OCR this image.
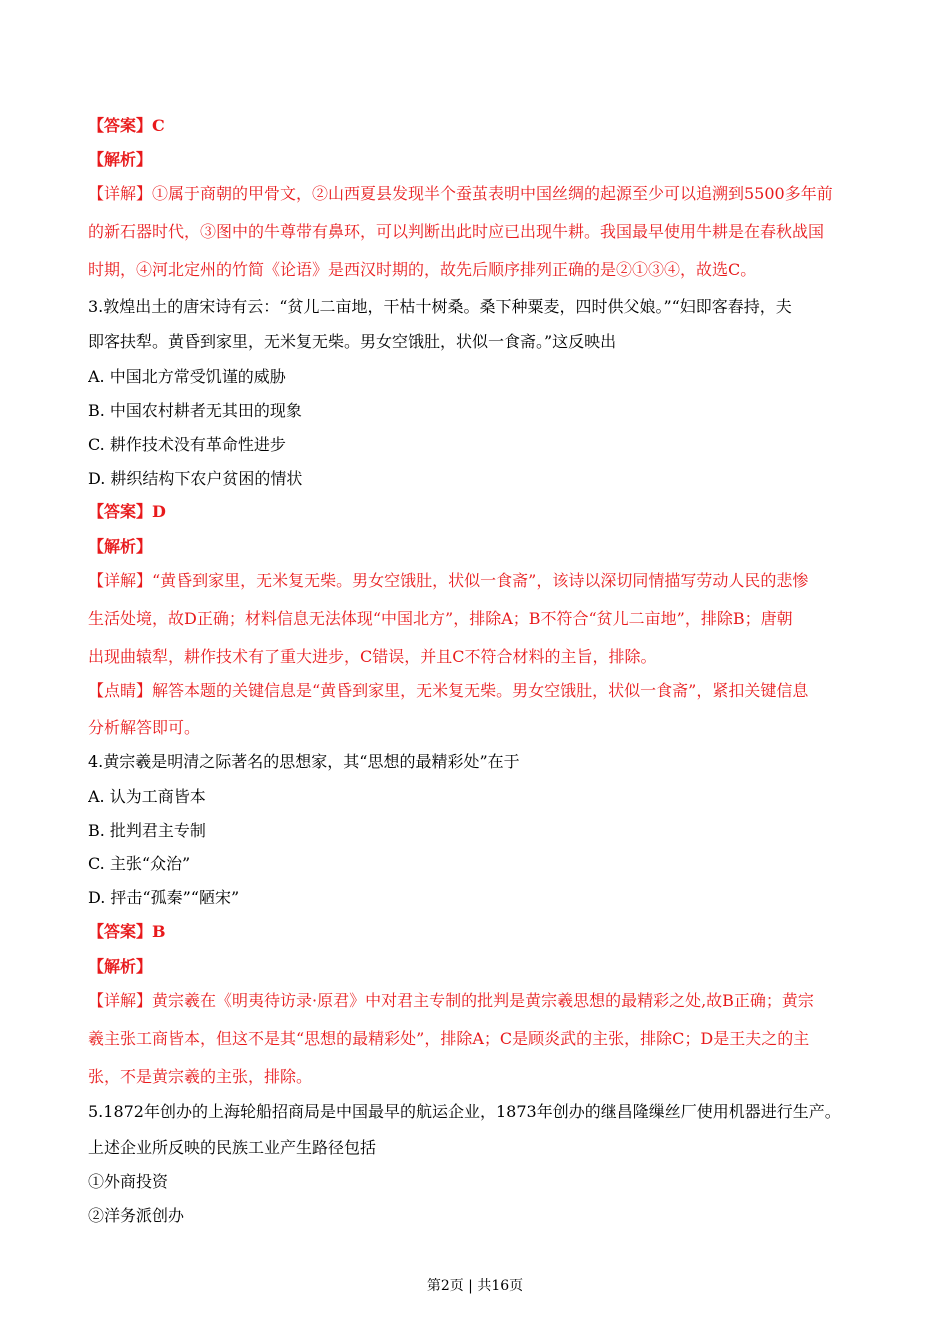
【答案】C
【解析】
【详解】①属于商朝的甲骨文，②山西夏县发现半个蚕茧表明中国丝绸的起源至少可以追溯到5500多年前
的新石器时代，③图中的牛尊带有鼻环，可以判断出此时应已出现牛耕。我国最早使用牛耕是在春秋战国
时期，④河北定州的竹简《论语》是西汉时期的，故先后顺序排列正确的是②①③④，故选C。
3.敦煌出土的唐宋诗有云：“贫儿二亩地，干枯十树桑。桑下种粟麦，四时供父娘。”“妇即客舂持，夫
即客扶犁。黄昏到家里，无米复无柴。男女空饿肚，状似一食斋。”这反映出
A. 中国北方常受饥谨的威胁
B. 中国农村耕者无其田的现象
C. 耕作技术没有革命性进步
D. 耕织结构下农户贫困的情状
【答案】D
【解析】
【详解】“黄昏到家里，无米复无柴。男女空饿肚，状似一食斋”，该诗以深切同情描写劳动人民的悲惨
生活处境，故D正确；材料信息无法体现“中国北方”，排除A；B不符合“贫儿二亩地”，排除B；唐朝
出现曲辕犁，耕作技术有了重大进步，C错误，并且C不符合材料的主旨，排除。
【点睛】解答本题的关键信息是“黄昏到家里，无米复无柴。男女空饿肚，状似一食斋”，紧扣关键信息
分析解答即可。
4.黄宗羲是明清之际著名的思想家，其“思想的最精彩处”在于
A. 认为工商皆本
B. 批判君主专制
C. 主张“众治”
D. 抨击“孤秦”“陋宋”
【答案】B
【解析】
【详解】黄宗羲在《明夷待访录·原君》中对君主专制的批判是黄宗羲思想的最精彩之处,故B正确；黄宗
羲主张工商皆本，但这不是其“思想的最精彩处”，排除A；C是顾炎武的主张，排除C；D是王夫之的主
张，不是黄宗羲的主张，排除。
5.1872年创办的上海轮船招商局是中国最早的航运企业，1873年创办的继昌隆缫丝厂使用机器进行生产。
上述企业所反映的民族工业产生路径包括
①外商投资
②洋务派创办
第2页 | 共16页
